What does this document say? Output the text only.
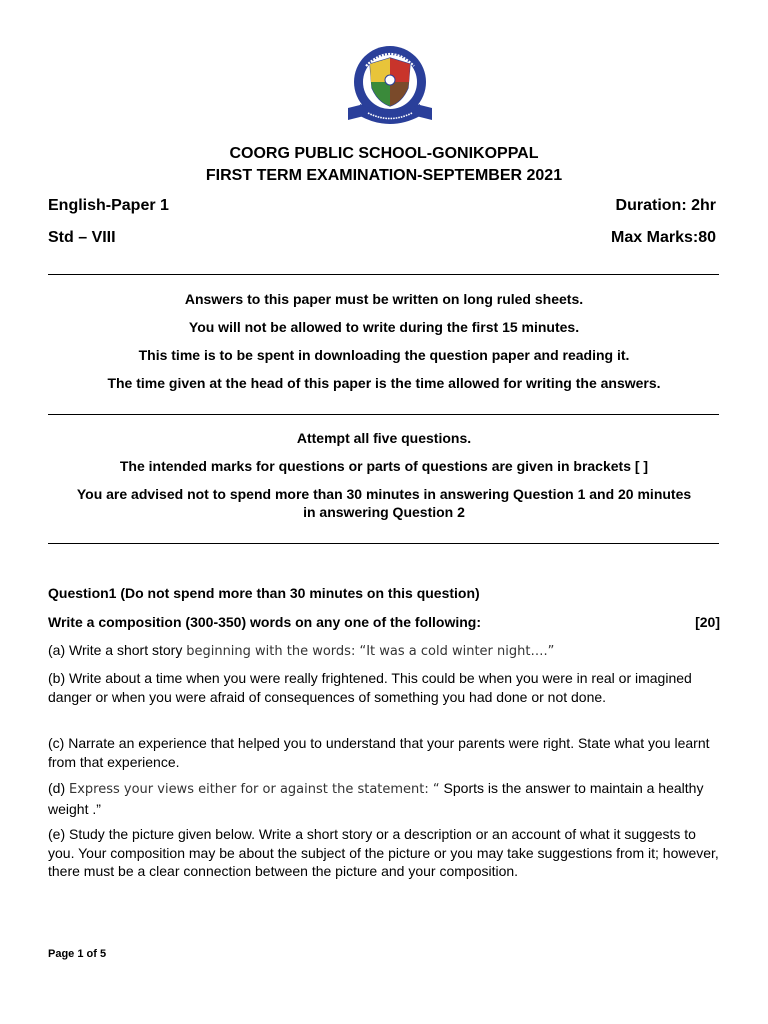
COORG PUBLIC SCHOOL-GONIKOPPAL
FIRST TERM EXAMINATION-SEPTEMBER 2021
English-Paper 1	Duration: 2hr
Std – VIII	Max Marks:80
Answers to this paper must be written on long ruled sheets.
You will not be allowed to write during the first 15 minutes.
This time is to be spent in downloading the question paper and reading it.
The time given at the head of this paper is the time allowed for writing the answers.
Attempt all five questions.
The intended marks for questions or parts of questions are given in brackets [ ]
You are advised not to spend more than 30 minutes in answering Question 1 and 20 minutes in answering Question 2
Question1 (Do not spend more than 30 minutes on this question)
Write a composition (300-350) words on any one of the following:	[20]
(a) Write a short story beginning with the words: “It was a cold winter night….”
(b) Write about a time when you were really frightened. This could be when you were in real or imagined danger or when you were afraid of consequences of something you had done or not done.
(c) Narrate an experience that helped you to understand that your parents were right. State what you learnt from that experience.
(d) Express your views either for or against the statement: “ Sports is the answer to maintain a healthy weight .”
(e) Study the picture given below. Write a short story or a description or an account of what it suggests to you. Your composition may be about the subject of the picture or you may take suggestions from it; however, there must be a clear connection between the picture and your composition.
Page 1 of 5
